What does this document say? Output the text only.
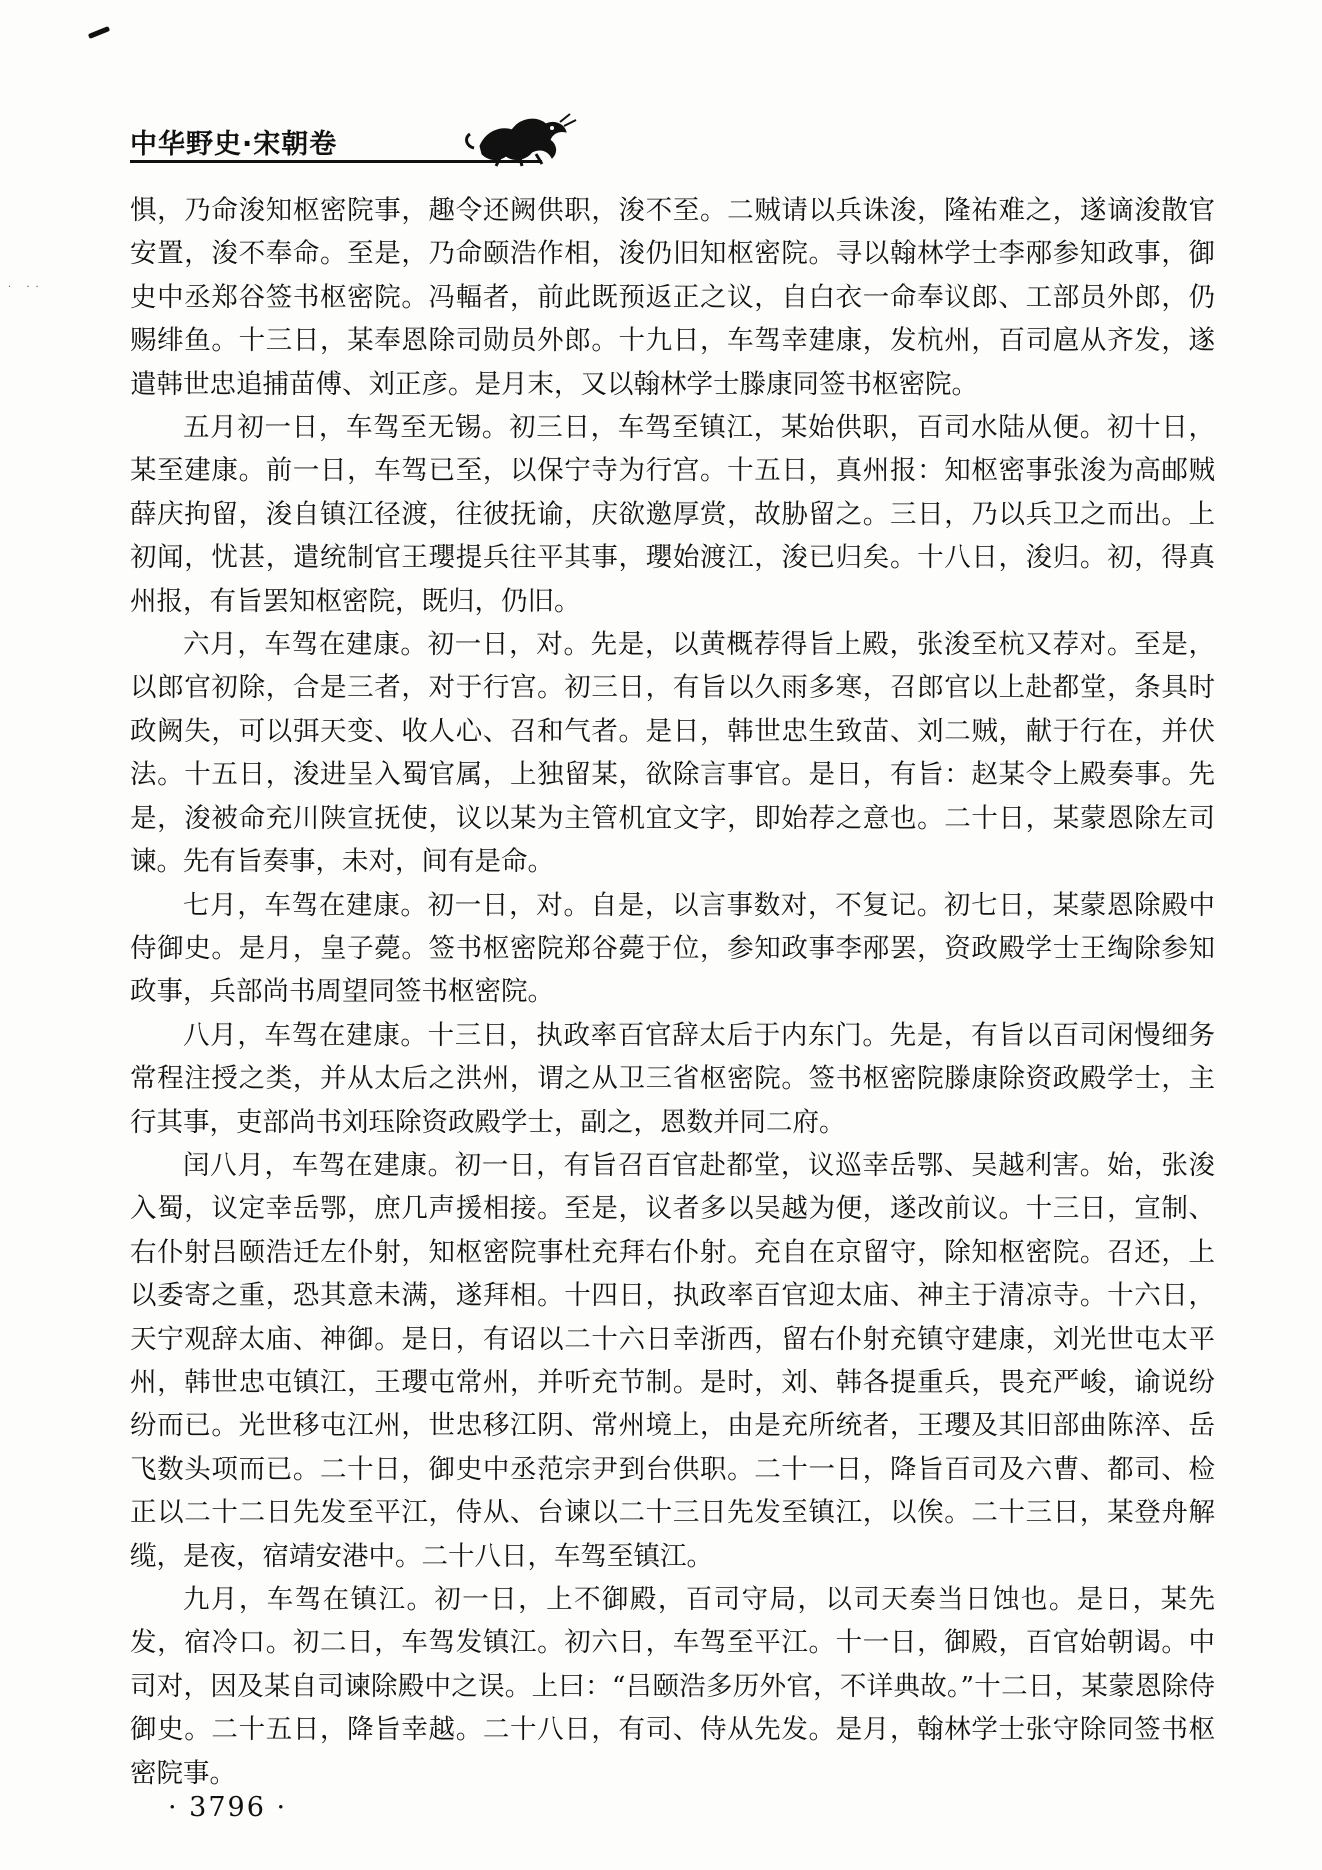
· ··
中华野史·宋朝卷

惧，乃命浚知枢密院事，趣令还阙供职，浚不至。二贼请以兵诛浚，隆祐难之，遂谪浚散官安置，浚不奉命。至是，乃命颐浩作相，浚仍旧知枢密院。寻以翰林学士李邴参知政事，御史中丞郑谷签书枢密院。冯輻者，前此既预返正之议，自白衣一命奉议郎、工部员外郎，仍赐绯鱼。十三日，某奉恩除司勋员外郎。十九日，车驾幸建康，发杭州，百司扈从齐发，遂遣韩世忠追捕苗傅、刘正彦。是月末，又以翰林学士滕康同签书枢密院。

五月初一日，车驾至无锡。初三日，车驾至镇江，某始供职，百司水陆从便。初十日，某至建康。前一日，车驾已至，以保宁寺为行宫。十五日，真州报：知枢密事张浚为高邮贼薛庆拘留，浚自镇江径渡，往彼抚谕，庆欲邀厚赏，故胁留之。三日，乃以兵卫之而出。上初闻，忧甚，遣统制官王瓔提兵往平其事，瓔始渡江，浚已归矣。十八日，浚归。初，得真州报，有旨罢知枢密院，既归，仍旧。

六月，车驾在建康。初一日，对。先是，以黄概荐得旨上殿，张浚至杭又荐对。至是，以郎官初除，合是三者，对于行宫。初三日，有旨以久雨多寒，召郎官以上赴都堂，条具时政阙失，可以弭天变、收人心、召和气者。是日，韩世忠生致苗、刘二贼，献于行在，并伏法。十五日，浚进呈入蜀官属，上独留某，欲除言事官。是日，有旨：赵某令上殿奏事。先是，浚被命充川陕宣抚使，议以某为主管机宜文字，即始荐之意也。二十日，某蒙恩除左司谏。先有旨奏事，未对，间有是命。

七月，车驾在建康。初一日，对。自是，以言事数对，不复记。初七日，某蒙恩除殿中侍御史。是月，皇子薨。签书枢密院郑谷薨于位，参知政事李邴罢，资政殿学士王绹除参知政事，兵部尚书周望同签书枢密院。

八月，车驾在建康。十三日，执政率百官辞太后于内东门。先是，有旨以百司闲慢细务常程注授之类，并从太后之洪州，谓之从卫三省枢密院。签书枢密院滕康除资政殿学士，主行其事，吏部尚书刘珏除资政殿学士，副之，恩数并同二府。

闰八月，车驾在建康。初一日，有旨召百官赴都堂，议巡幸岳鄂、吴越利害。始，张浚入蜀，议定幸岳鄂，庶几声援相接。至是，议者多以吴越为便，遂改前议。十三日，宣制、右仆射吕颐浩迁左仆射，知枢密院事杜充拜右仆射。充自在京留守，除知枢密院。召还，上以委寄之重，恐其意未满，遂拜相。十四日，执政率百官迎太庙、神主于清凉寺。十六日，天宁观辞太庙、神御。是日，有诏以二十六日幸浙西，留右仆射充镇守建康，刘光世屯太平州，韩世忠屯镇江，王瓔屯常州，并听充节制。是时，刘、韩各提重兵，畏充严峻，谕说纷纷而已。光世移屯江州，世忠移江阴、常州境上，由是充所统者，王瓔及其旧部曲陈淬、岳飞数头项而已。二十日，御史中丞范宗尹到台供职。二十一日，降旨百司及六曹、都司、检正以二十二日先发至平江，侍从、台谏以二十三日先发至镇江，以俟。二十三日，某登舟解缆，是夜，宿靖安港中。二十八日，车驾至镇江。

九月，车驾在镇江。初一日，上不御殿，百司守局，以司天奏当日蚀也。是日，某先发，宿冷口。初二日，车驾发镇江。初六日，车驾至平江。十一日，御殿，百官始朝谒。中司对，因及某自司谏除殿中之误。上曰：“吕颐浩多历外官，不详典故。”十二日，某蒙恩除侍御史。二十五日，降旨幸越。二十八日，有司、侍从先发。是月，翰林学士张守除同签书枢密院事。

· 3796 ·
